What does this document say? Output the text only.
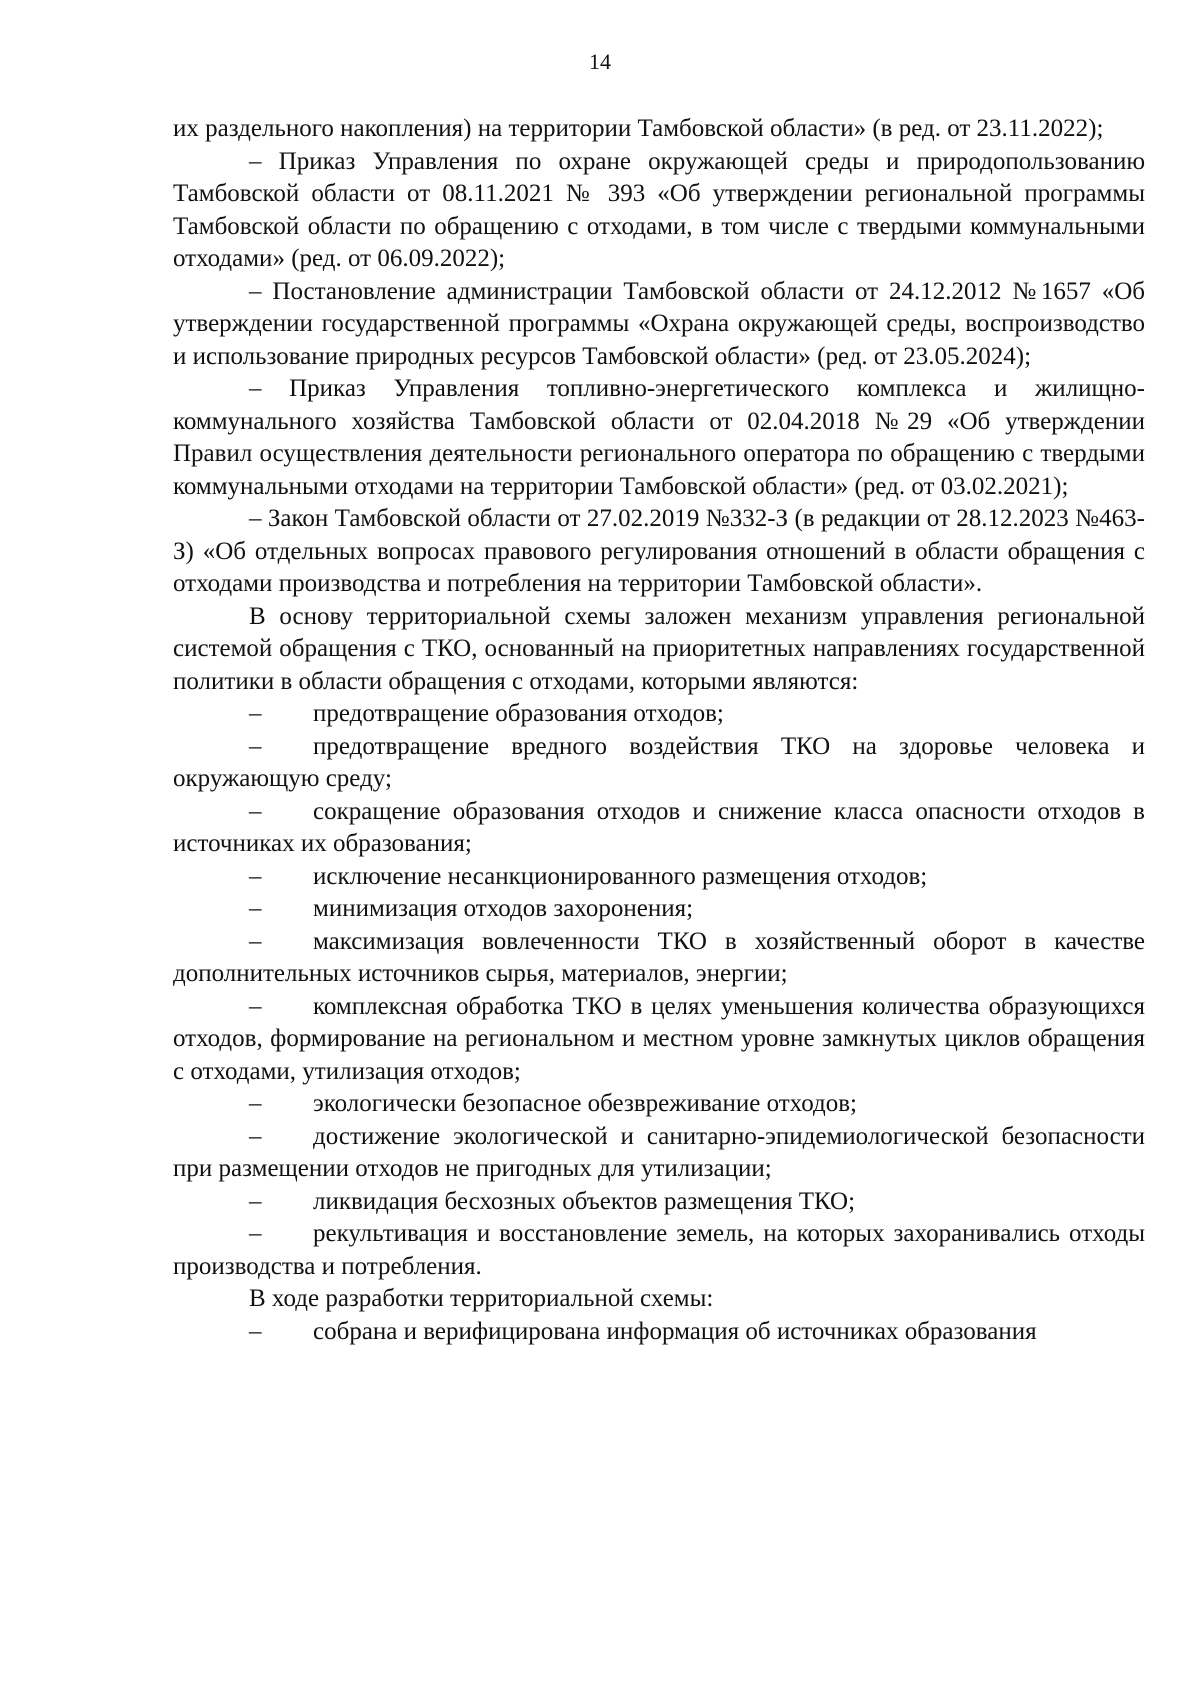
14

их раздельного накопления) на территории Тамбовской области» (в ред. от 23.11.2022);

– Приказ Управления по охране окружающей среды и природопользованию Тамбовской области от 08.11.2021 № 393 «Об утверждении региональной программы Тамбовской области по обращению с отходами, в том числе с твердыми коммунальными отходами» (ред. от 06.09.2022);

– Постановление администрации Тамбовской области от 24.12.2012 №1657 «Об утверждении государственной программы «Охрана окружающей среды, воспроизводство и использование природных ресурсов Тамбовской области» (ред. от 23.05.2024);

– Приказ Управления топливно-энергетического комплекса и жилищно-коммунального хозяйства Тамбовской области от 02.04.2018 №29 «Об утверждении Правил осуществления деятельности регионального оператора по обращению с твердыми коммунальными отходами на территории Тамбовской области» (ред. от 03.02.2021);

– Закон Тамбовской области от 27.02.2019 №332-З (в редакции от 28.12.2023 №463-З) «Об отдельных вопросах правового регулирования отношений в области обращения с отходами производства и потребления на территории Тамбовской области».

В основу территориальной схемы заложен механизм управления региональной системой обращения с ТКО, основанный на приоритетных направлениях государственной политики в области обращения с отходами, которыми являются:

– предотвращение образования отходов;

– предотвращение вредного воздействия ТКО на здоровье человека и окружающую среду;

– сокращение образования отходов и снижение класса опасности отходов в источниках их образования;

– исключение несанкционированного размещения отходов;

– минимизация отходов захоронения;

– максимизация вовлеченности ТКО в хозяйственный оборот в качестве дополнительных источников сырья, материалов, энергии;

– комплексная обработка ТКО в целях уменьшения количества образующихся отходов, формирование на региональном и местном уровне замкнутых циклов обращения с отходами, утилизация отходов;

– экологически безопасное обезвреживание отходов;

– достижение экологической и санитарно-эпидемиологической безопасности при размещении отходов не пригодных для утилизации;

– ликвидация бесхозных объектов размещения ТКО;

– рекультивация и восстановление земель, на которых захоранивались отходы производства и потребления.

В ходе разработки территориальной схемы:

– собрана и верифицирована информация об источниках образования
